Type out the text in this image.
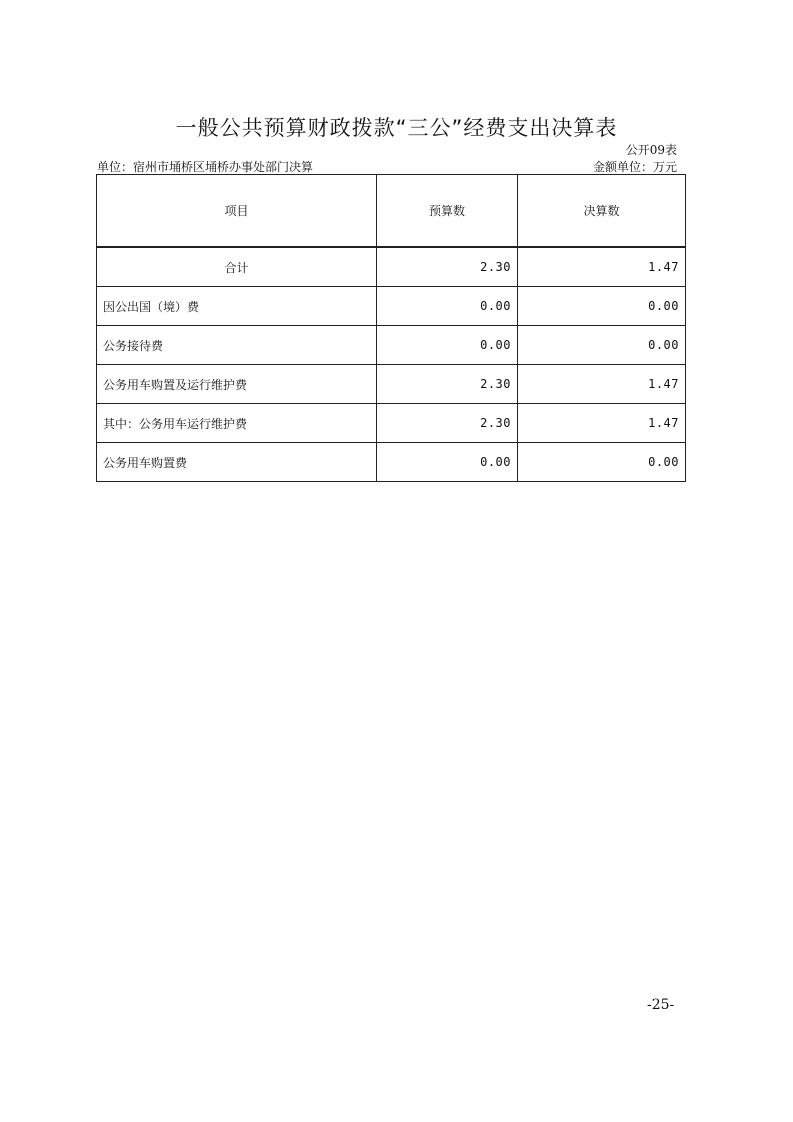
一般公共预算财政拨款“三公”经费支出决算表
公开09表
单位：宿州市埇桥区埇桥办事处部门决算	金额单位：万元
项目	预算数	决算数
合计	2.30	1.47
因公出国（境）费	0.00	0.00
公务接待费	0.00	0.00
公务用车购置及运行维护费	2.30	1.47
其中：公务用车运行维护费	2.30	1.47
公务用车购置费	0.00	0.00
-25-
